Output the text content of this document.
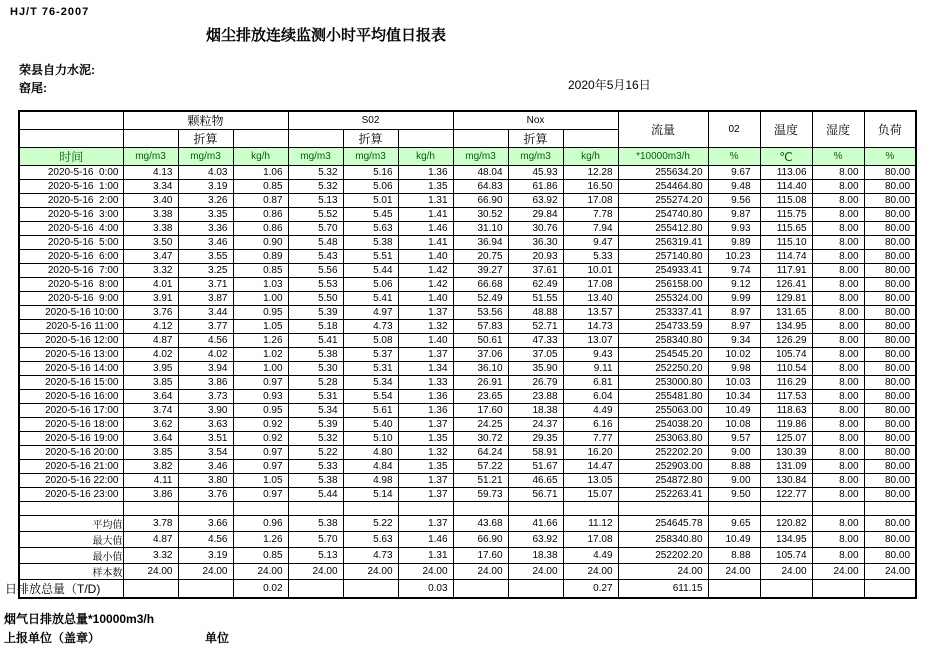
HJ/T 76-2007
烟尘排放连续监测小时平均值日报表
荣县自力水泥:
窑尾:	2020年5月16日
	颗粒物			S02			Nox			流量	02	温度	湿度	负荷
		折算			折算			折算						
时间	mg/m3	mg/m3	kg/h	mg/m3	mg/m3	kg/h	mg/m3	mg/m3	kg/h	*10000m3/h	%	℃	%	%
2020-5-16  0:00	4.13	4.03	1.06	5.32	5.16	1.36	48.04	45.93	12.28	255634.20	9.67	113.06	8.00	80.00
2020-5-16  1:00	3.34	3.19	0.85	5.32	5.06	1.35	64.83	61.86	16.50	254464.80	9.48	114.40	8.00	80.00
2020-5-16  2:00	3.40	3.26	0.87	5.13	5.01	1.31	66.90	63.92	17.08	255274.20	9.56	115.08	8.00	80.00
2020-5-16  3:00	3.38	3.35	0.86	5.52	5.45	1.41	30.52	29.84	7.78	254740.80	9.87	115.75	8.00	80.00
2020-5-16  4:00	3.38	3.36	0.86	5.70	5.63	1.46	31.10	30.76	7.94	255412.80	9.93	115.65	8.00	80.00
2020-5-16  5:00	3.50	3.46	0.90	5.48	5.38	1.41	36.94	36.30	9.47	256319.41	9.89	115.10	8.00	80.00
2020-5-16  6:00	3.47	3.55	0.89	5.43	5.51	1.40	20.75	20.93	5.33	257140.80	10.23	114.74	8.00	80.00
2020-5-16  7:00	3.32	3.25	0.85	5.56	5.44	1.42	39.27	37.61	10.01	254933.41	9.74	117.91	8.00	80.00
2020-5-16  8:00	4.01	3.71	1.03	5.53	5.06	1.42	66.68	62.49	17.08	256158.00	9.12	126.41	8.00	80.00
2020-5-16  9:00	3.91	3.87	1.00	5.50	5.41	1.40	52.49	51.55	13.40	255324.00	9.99	129.81	8.00	80.00
2020-5-16 10:00	3.76	3.44	0.95	5.39	4.97	1.37	53.56	48.88	13.57	253337.41	8.97	131.65	8.00	80.00
2020-5-16 11:00	4.12	3.77	1.05	5.18	4.73	1.32	57.83	52.71	14.73	254733.59	8.97	134.95	8.00	80.00
2020-5-16 12:00	4.87	4.56	1.26	5.41	5.08	1.40	50.61	47.33	13.07	258340.80	9.34	126.29	8.00	80.00
2020-5-16 13:00	4.02	4.02	1.02	5.38	5.37	1.37	37.06	37.05	9.43	254545.20	10.02	105.74	8.00	80.00
2020-5-16 14:00	3.95	3.94	1.00	5.30	5.31	1.34	36.10	35.90	9.11	252250.20	9.98	110.54	8.00	80.00
2020-5-16 15:00	3.85	3.86	0.97	5.28	5.34	1.33	26.91	26.79	6.81	253000.80	10.03	116.29	8.00	80.00
2020-5-16 16:00	3.64	3.73	0.93	5.31	5.54	1.36	23.65	23.88	6.04	255481.80	10.34	117.53	8.00	80.00
2020-5-16 17:00	3.74	3.90	0.95	5.34	5.61	1.36	17.60	18.38	4.49	255063.00	10.49	118.63	8.00	80.00
2020-5-16 18:00	3.62	3.63	0.92	5.39	5.40	1.37	24.25	24.37	6.16	254038.20	10.08	119.86	8.00	80.00
2020-5-16 19:00	3.64	3.51	0.92	5.32	5.10	1.35	30.72	29.35	7.77	253063.80	9.57	125.07	8.00	80.00
2020-5-16 20:00	3.85	3.54	0.97	5.22	4.80	1.32	64.24	58.91	16.20	252202.20	9.00	130.39	8.00	80.00
2020-5-16 21:00	3.82	3.46	0.97	5.33	4.84	1.35	57.22	51.67	14.47	252903.00	8.88	131.09	8.00	80.00
2020-5-16 22:00	4.11	3.80	1.05	5.38	4.98	1.37	51.21	46.65	13.05	254872.80	9.00	130.84	8.00	80.00
2020-5-16 23:00	3.86	3.76	0.97	5.44	5.14	1.37	59.73	56.71	15.07	252263.41	9.50	122.77	8.00	80.00

平均值	3.78	3.66	0.96	5.38	5.22	1.37	43.68	41.66	11.12	254645.78	9.65	120.82	8.00	80.00
最大值	4.87	4.56	1.26	5.70	5.63	1.46	66.90	63.92	17.08	258340.80	10.49	134.95	8.00	80.00
最小值	3.32	3.19	0.85	5.13	4.73	1.31	17.60	18.38	4.49	252202.20	8.88	105.74	8.00	80.00
样本数	24.00	24.00	24.00	24.00	24.00	24.00	24.00	24.00	24.00	24.00	24.00	24.00	24.00	24.00
日排放总量（T/D)			0.02			0.03			0.27	611.15				
烟气日排放总量*10000m3/h
上报单位（盖章）	单位
